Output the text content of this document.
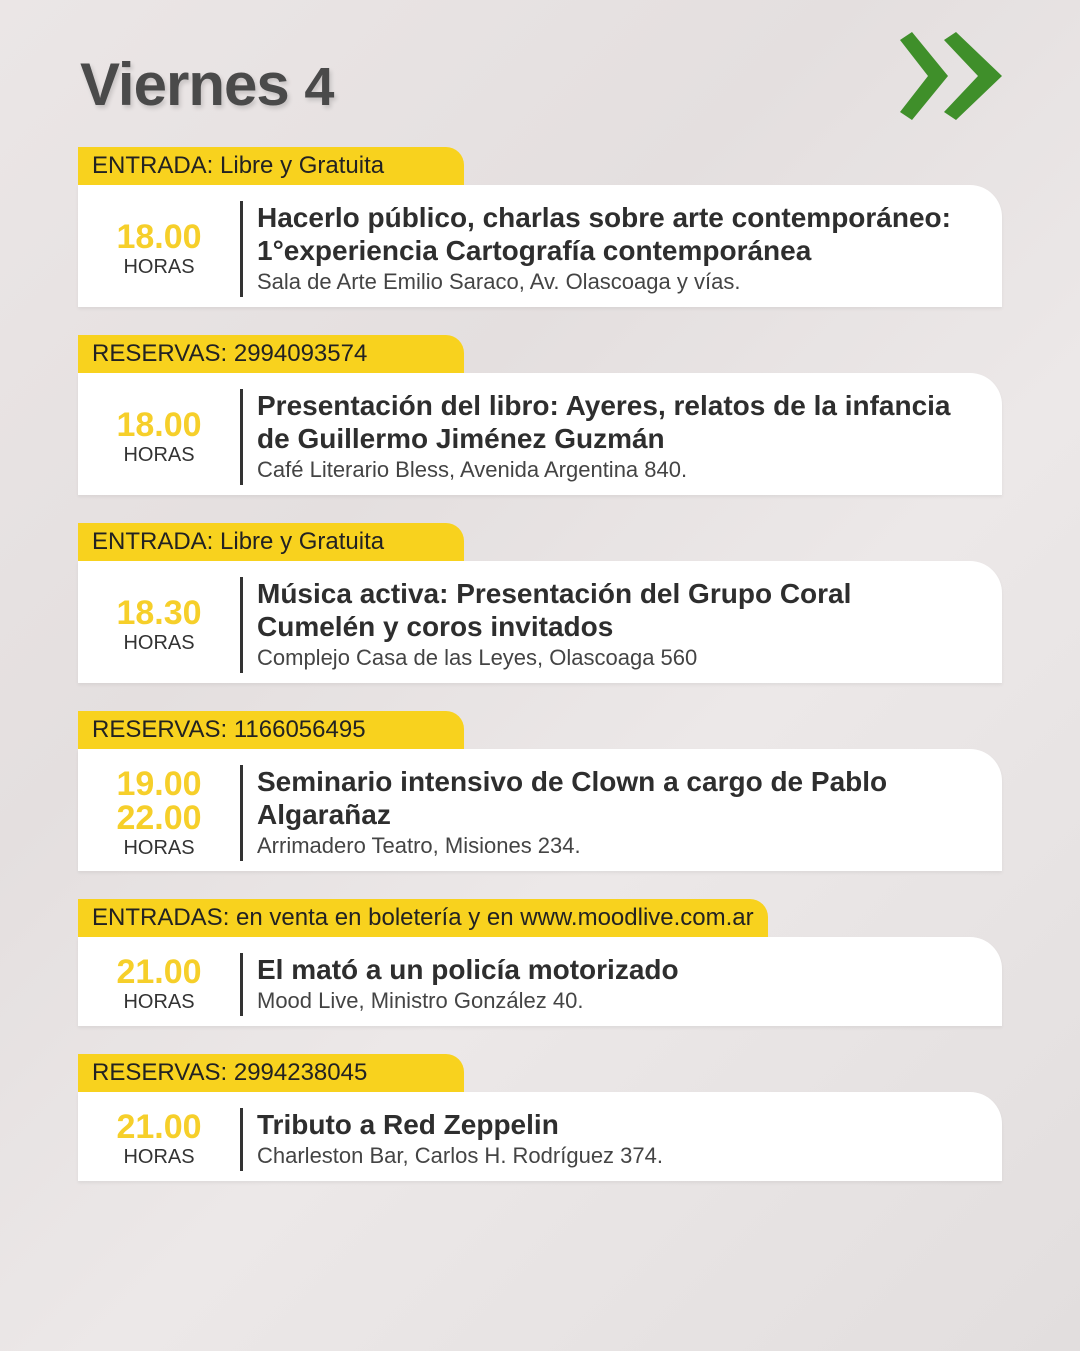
Viernes 4
ENTRADA: Libre y Gratuita
18.00
HORAS
Hacerlo público, charlas sobre arte contemporáneo:
1°experiencia Cartografía contemporánea
Sala de Arte Emilio Saraco, Av. Olascoaga y vías.
RESERVAS: 2994093574
18.00
HORAS
Presentación del libro: Ayeres, relatos de la infancia
de Guillermo Jiménez Guzmán
Café Literario Bless, Avenida Argentina 840.
ENTRADA: Libre y Gratuita
18.30
HORAS
Música activa: Presentación del Grupo Coral
Cumelén y coros invitados
Complejo Casa de las Leyes, Olascoaga 560
RESERVAS: 1166056495
19.00
22.00
HORAS
Seminario intensivo de Clown a cargo de Pablo
Algarañaz
Arrimadero Teatro, Misiones 234.
ENTRADAS: en venta en boletería y en www.moodlive.com.ar
21.00
HORAS
El mató a un policía motorizado
Mood Live, Ministro González 40.
RESERVAS: 2994238045
21.00
HORAS
Tributo a Red Zeppelin
Charleston Bar, Carlos H. Rodríguez 374.
